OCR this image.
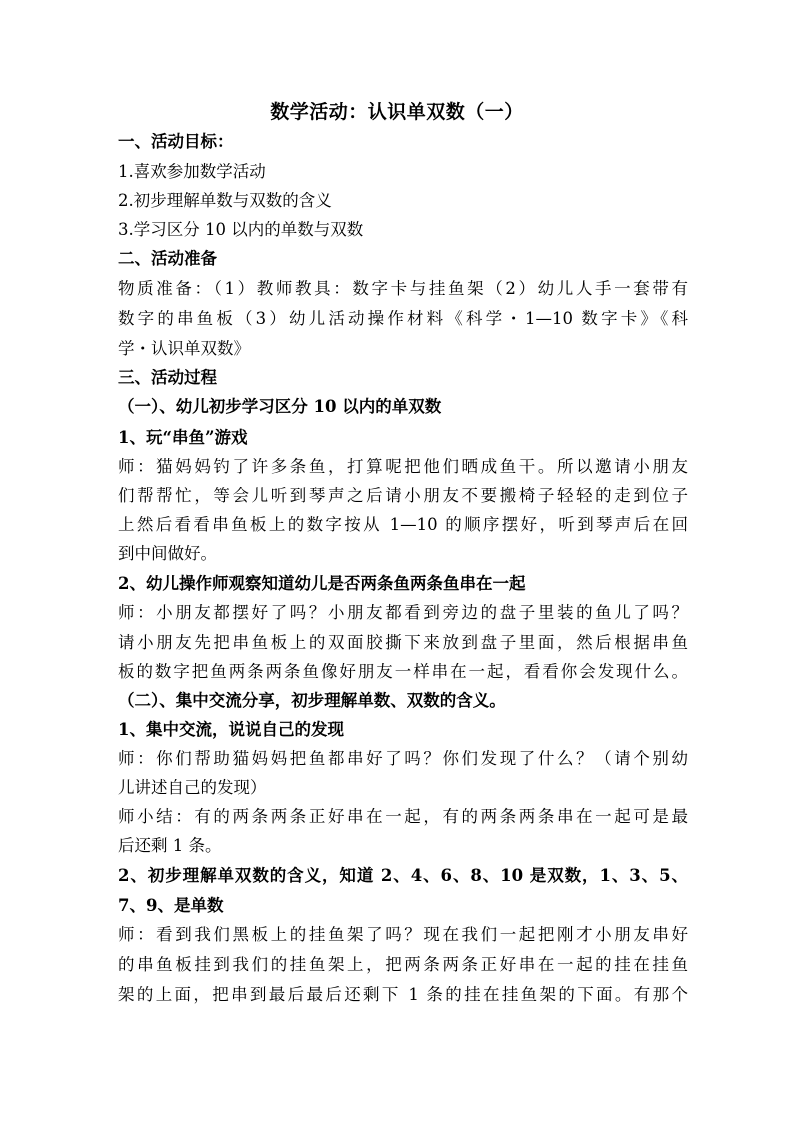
数学活动：认识单双数（一）
一、活动目标：
1.喜欢参加数学活动
2.初步理解单数与双数的含义
3.学习区分 10 以内的单数与双数
二、活动准备
物质准备：（1）教师教具：数字卡与挂鱼架（2）幼儿人手一套带有
数字的串鱼板（3）幼儿活动操作材料《科学・1—10 数字卡》《科
学・认识单双数》
三、活动过程
（一）、幼儿初步学习区分 10 以内的单双数
1、玩“串鱼”游戏
师：猫妈妈钓了许多条鱼，打算呢把他们晒成鱼干。所以邀请小朋友
们帮帮忙，等会儿听到琴声之后请小朋友不要搬椅子轻轻的走到位子
上然后看看串鱼板上的数字按从 1—10 的顺序摆好，听到琴声后在回
到中间做好。
2、幼儿操作师观察知道幼儿是否两条鱼两条鱼串在一起
师：小朋友都摆好了吗？小朋友都看到旁边的盘子里装的鱼儿了吗？
请小朋友先把串鱼板上的双面胶撕下来放到盘子里面，然后根据串鱼
板的数字把鱼两条两条鱼像好朋友一样串在一起，看看你会发现什么。
（二）、集中交流分享，初步理解单数、双数的含义。
1、集中交流，说说自己的发现
师：你们帮助猫妈妈把鱼都串好了吗？你们发现了什么？（请个别幼
儿讲述自己的发现）
师小结：有的两条两条正好串在一起，有的两条两条串在一起可是最
后还剩 1 条。
2、初步理解单双数的含义，知道 2、4、6、8、10 是双数，1、3、5、
7、9、是单数
师：看到我们黑板上的挂鱼架了吗？现在我们一起把刚才小朋友串好
的串鱼板挂到我们的挂鱼架上，把两条两条正好串在一起的挂在挂鱼
架的上面，把串到最后最后还剩下 1 条的挂在挂鱼架的下面。有那个
